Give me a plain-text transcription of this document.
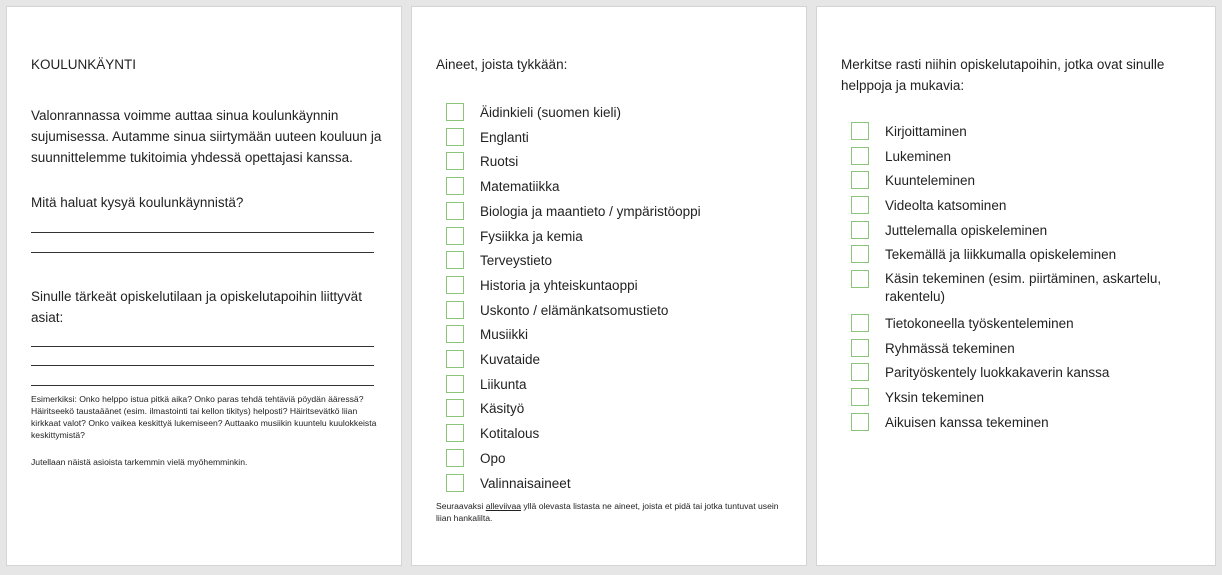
KOULUNKÄYNTI
Valonrannassa voimme auttaa sinua koulunkäynnin sujumisessa. Autamme sinua siirtymään uuteen kouluun ja suunnittelemme tukitoimia yhdessä opettajasi kanssa.
Mitä haluat kysyä koulunkäynnistä?
Sinulle tärkeät opiskelutilaan ja opiskelutapoihin liittyvät asiat:
Esimerkiksi: Onko helppo istua pitkä aika? Onko paras tehdä tehtäviä pöydän ääressä? Häiritseekö taustaäänet (esim. ilmastointi tai kellon tikitys) helposti? Häiritsevätkö liian kirkkaat valot? Onko vaikea keskittyä lukemiseen? Auttaako musiikin kuuntelu kuulokkeista keskittymistä?
Jutellaan näistä asioista tarkemmin vielä myöhemminkin.
Aineet, joista tykkään:
Äidinkieli (suomen kieli)
Englanti
Ruotsi
Matematiikka
Biologia ja maantieto / ympäristöoppi
Fysiikka ja kemia
Terveystieto
Historia ja yhteiskuntaoppi
Uskonto / elämänkatsomustieto
Musiikki
Kuvataide
Liikunta
Käsityö
Kotitalous
Opo
Valinnaisaineet
Seuraavaksi alleviivaa yllä olevasta listasta ne aineet, joista et pidä tai jotka tuntuvat usein liian hankalilta.
Merkitse rasti niihin opiskelutapoihin, jotka ovat sinulle helppoja ja mukavia:
Kirjoittaminen
Lukeminen
Kuunteleminen
Videolta katsominen
Juttelemalla opiskeleminen
Tekemällä ja liikkumalla opiskeleminen
Käsin tekeminen (esim. piirtäminen, askartelu, rakentelu)
Tietokoneella työskenteleminen
Ryhmässä tekeminen
Parityöskentely luokkakaverin kanssa
Yksin tekeminen
Aikuisen kanssa tekeminen
